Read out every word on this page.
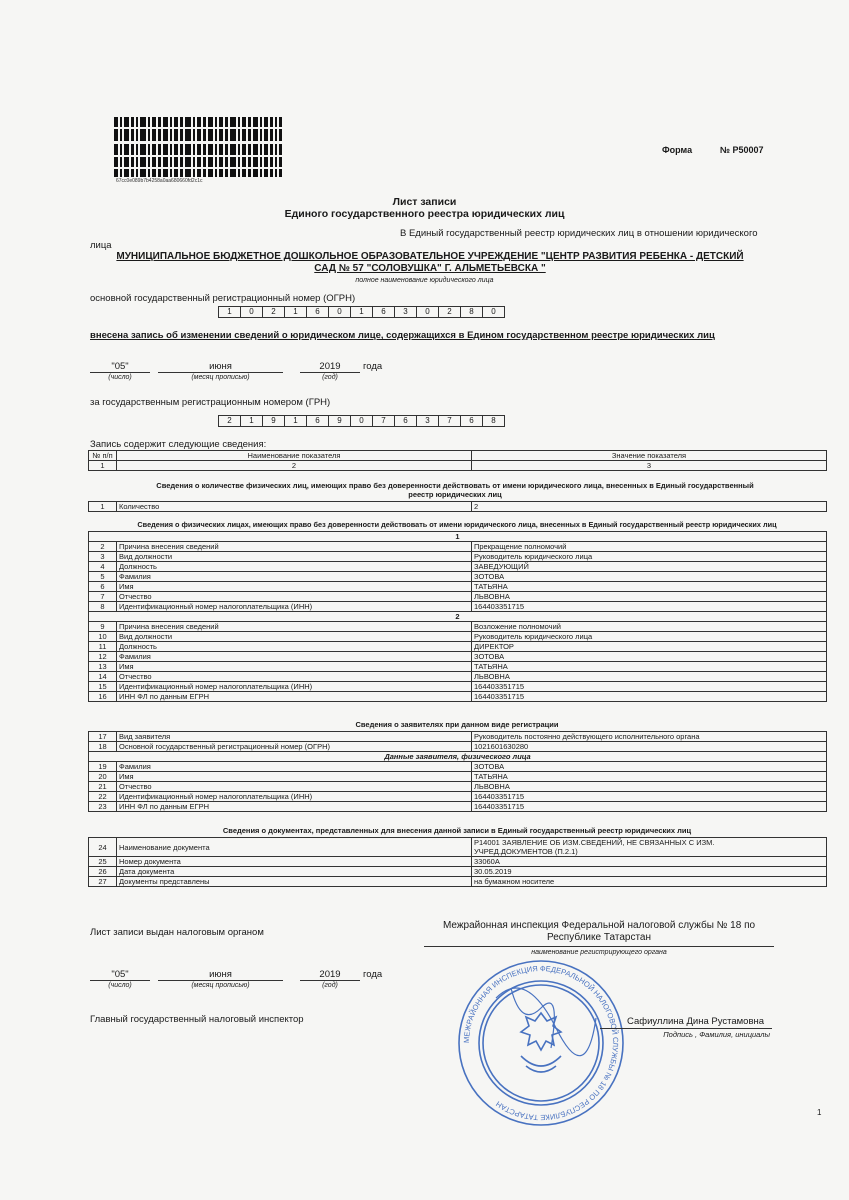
67cc0e089b7b4258a0aa680660fd2c1c
Форма	№ Р50007
Лист записи
Единого государственного реестра юридических лиц
В Единый государственный реестр юридических лиц в отношении юридического
лица
МУНИЦИПАЛЬНОЕ БЮДЖЕТНОЕ ДОШКОЛЬНОЕ ОБРАЗОВАТЕЛЬНОЕ УЧРЕЖДЕНИЕ "ЦЕНТР РАЗВИТИЯ РЕБЕНКА - ДЕТСКИЙ
САД № 57 "СОЛОВУШКА" Г. АЛЬМЕТЬЕВСКА "
полное наименование юридического лица
основной государственный регистрационный номер (ОГРН)
1	0	2	1	6	0	1	6	3	0	2	8	0
внесена запись об изменении сведений о юридическом лице, содержащихся в Едином государственном реестре юридических лиц
"05"	июня	2019	года
(число)	(месяц прописью)	(год)
за государственным регистрационным номером (ГРН)
2	1	9	1	6	9	0	7	6	3	7	6	8
Запись содержит следующие сведения:
№ п/п	Наименование показателя	Значение показателя
1	2	3
Сведения о количестве физических лиц, имеющих право без доверенности действовать от имени юридического лица, внесенных в Единый государственный реестр юридических лиц
1	Количество	2
Сведения о физических лицах, имеющих право без доверенности действовать от имени юридического лица, внесенных в Единый государственный реестр юридических лиц
1		
2	Причина внесения сведений	Прекращение полномочий
3	Вид должности	Руководитель юридического лица
4	Должность	ЗАВЕДУЮЩИЙ
5	Фамилия	ЗОТОВА
6	Имя	ТАТЬЯНА
7	Отчество	ЛЬВОВНА
8	Идентификационный номер налогоплательщика (ИНН)	164403351715
2		
9	Причина внесения сведений	Возложение полномочий
10	Вид должности	Руководитель юридического лица
11	Должность	ДИРЕКТОР
12	Фамилия	ЗОТОВА
13	Имя	ТАТЬЯНА
14	Отчество	ЛЬВОВНА
15	Идентификационный номер налогоплательщика (ИНН)	164403351715
16	ИНН ФЛ по данным ЕГРН	164403351715
Сведения о заявителях при данном виде регистрации
17	Вид заявителя	Руководитель постоянно действующего исполнительного органа
18	Основной государственный регистрационный номер (ОГРН)	1021601630280
Данные заявителя, физического лица		
19	Фамилия	ЗОТОВА
20	Имя	ТАТЬЯНА
21	Отчество	ЛЬВОВНА
22	Идентификационный номер налогоплательщика (ИНН)	164403351715
23	ИНН ФЛ по данным ЕГРН	164403351715
Сведения о документах, представленных для внесения данной записи в Единый государственный реестр юридических лиц
24	Наименование документа	Р14001 ЗАЯВЛЕНИЕ ОБ ИЗМ.СВЕДЕНИЙ, НЕ СВЯЗАННЫХ С ИЗМ.
УЧРЕД.ДОКУМЕНТОВ (П.2.1)

25	Номер документа	33060А
26	Дата документа	30.05.2019
27	Документы представлены	на бумажном носителе
Лист записи выдан налоговым органом
Межрайонная инспекция Федеральной налоговой службы № 18 по
Республике Татарстан
наименование регистрирующего органа
"05"	июня	2019	года
(число)	(месяц прописью)	(год)
Главный государственный налоговый инспектор
МЕЖРАЙОННАЯ ИНСПЕКЦИЯ ФЕДЕРАЛЬНОЙ НАЛОГОВОЙ СЛУЖБЫ № 18 ПО РЕСПУБЛИКЕ ТАТАРСТАН
Сафиуллина Дина Рустамовна
Подпись , Фамилия, инициалы
1
